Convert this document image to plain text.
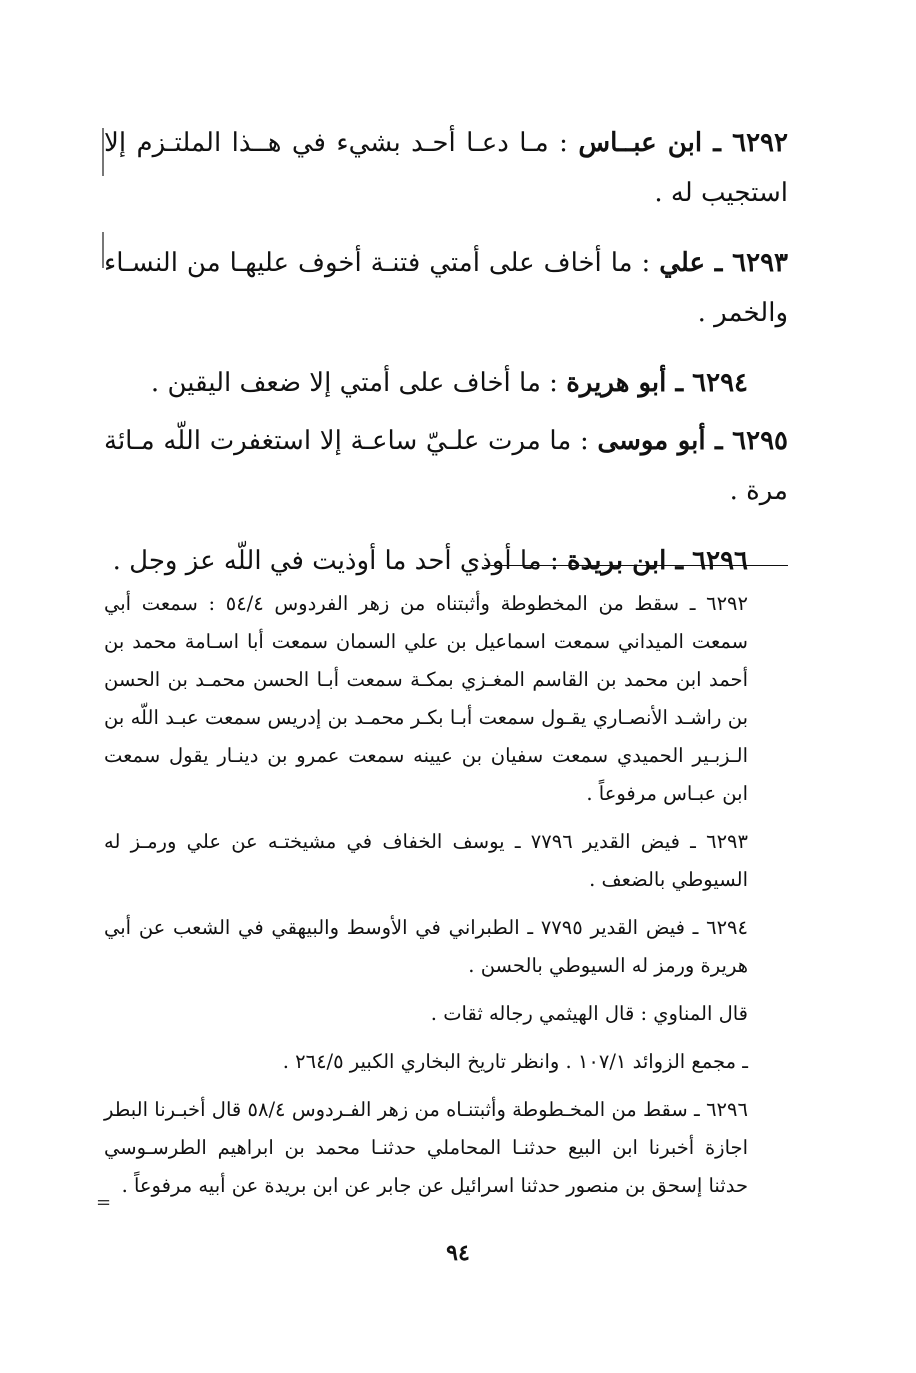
٦٢٩٢ ـ ابن عبــاس : مـا دعـا أحـد بشيء في هــذا الملتـزم إلا استجيب له .

٦٢٩٣ ـ علي : ما أخاف على أمتي فتنـة أخوف عليهـا من النسـاء والخمر .

٦٢٩٤ ـ أبو هريرة : ما أخاف على أمتي إلا ضعف اليقين .

٦٢٩٥ ـ أبو موسى : ما مرت علـيّ ساعـة إلا استغفرت اللّه مـائة مرة .

٦٢٩٦ ـ ابن بريدة : ما أوذي أحد ما أوذيت في اللّه عز وجل .

٦٢٩٢ ـ سقط من المخطوطة وأثبتناه من زهر الفردوس ٥٤/٤ : سمعت أبي سمعت الميداني سمعت اسماعيل بن علي السمان سمعت أبا اسـامة محمد بن أحمد ابن محمد بن القاسم المغـزي بمكـة سمعت أبـا الحسن محمـد بن الحسن بن راشـد الأنصـاري يقـول سمعت أبـا بكـر محمـد بن إدريس سمعت عبـد اللّه بن الـزبـير الحميدي سمعت سفيان بن عيينه سمعت عمرو بن دينـار يقول سمعت ابن عبـاس مرفوعاً .

٦٢٩٣ ـ فيض القدير ٧٧٩٦ ـ يوسف الخفاف في مشيختـه عن علي ورمـز له السيوطي بالضعف .

٦٢٩٤ ـ فيض القدير ٧٧٩٥ ـ الطبراني في الأوسط والبيهقي في الشعب عن أبي هريرة ورمز له السيوطي بالحسن .

قال المناوي : قال الهيثمي رجاله ثقات .

ـ مجمع الزوائد ١٠٧/١ . وانظر تاريخ البخاري الكبير ٢٦٤/٥ .

٦٢٩٦ ـ سقط من المخـطوطة وأثبتنـاه من زهر الفـردوس ٥٨/٤ قال أخبـرنا البطر اجازة أخبرنا ابن البيع حدثنـا المحاملي حدثنـا محمد بن ابراهيم الطرسـوسي حدثنا إسحق بن منصور حدثنا اسرائيل عن جابر عن ابن بريدة عن أبيه مرفوعاً .

=
٩٤
